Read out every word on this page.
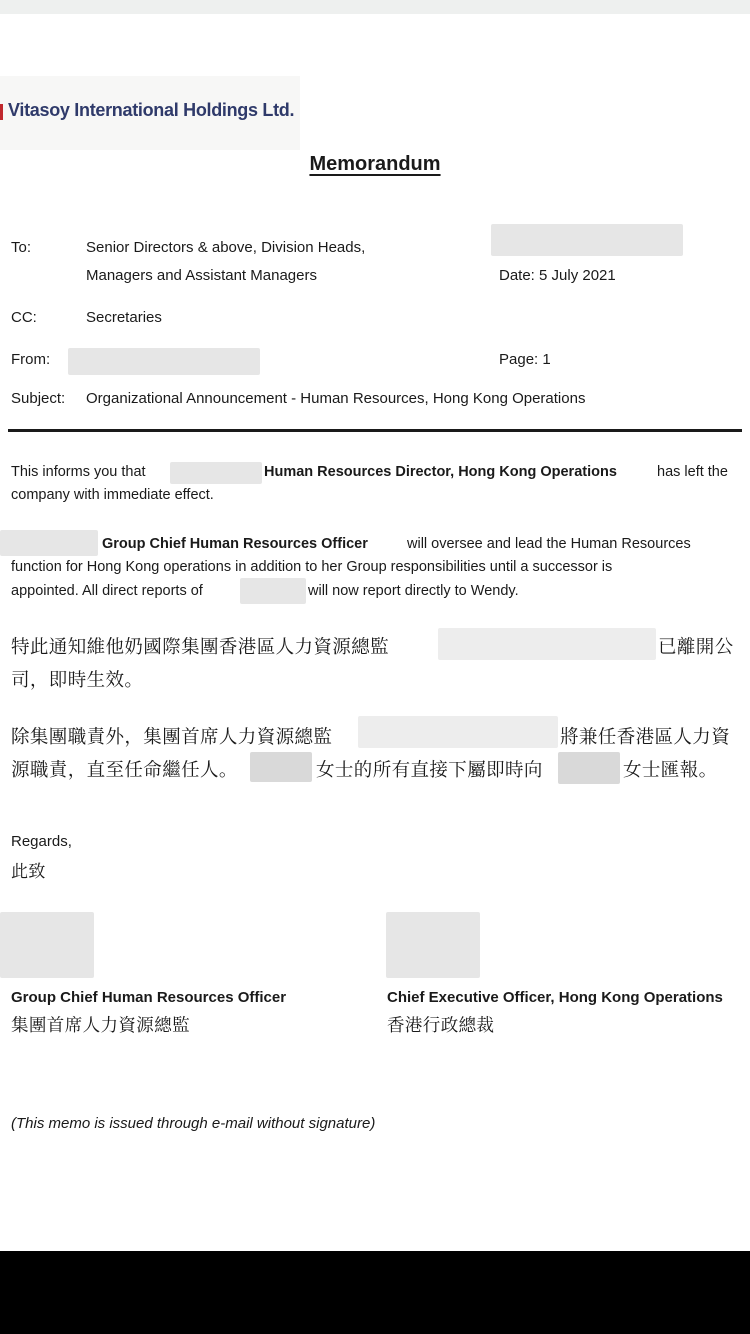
Vitasoy International Holdings Ltd.
Memorandum
To:	Senior Directors & above, Division Heads,
Managers and Assistant Managers	Date: 5 July 2021
CC:	Secretaries
From:	Page: 1
Subject: Organizational Announcement - Human Resources, Hong Kong Operations
This informs you that	Human Resources Director, Hong Kong Operations	has left the
company with immediate effect.
Group Chief Human Resources Officer	will oversee and lead the Human Resources
function for Hong Kong operations in addition to her Group responsibilities until a successor is
appointed. All direct reports of	will now report directly to Wendy.
特此通知維他奶國際集團香港區人力資源總監	已離開公
司，即時生效。
除集團職責外，集團首席人力資源總監	將兼任香港區人力資
源職責，直至任命繼任人。	女士的所有直接下屬即時向	女士匯報。
Regards,
此致
Group Chief Human Resources Officer
集團首席人力資源總監
Chief Executive Officer, Hong Kong Operations
香港行政總裁
(This memo is issued through e-mail without signature)
